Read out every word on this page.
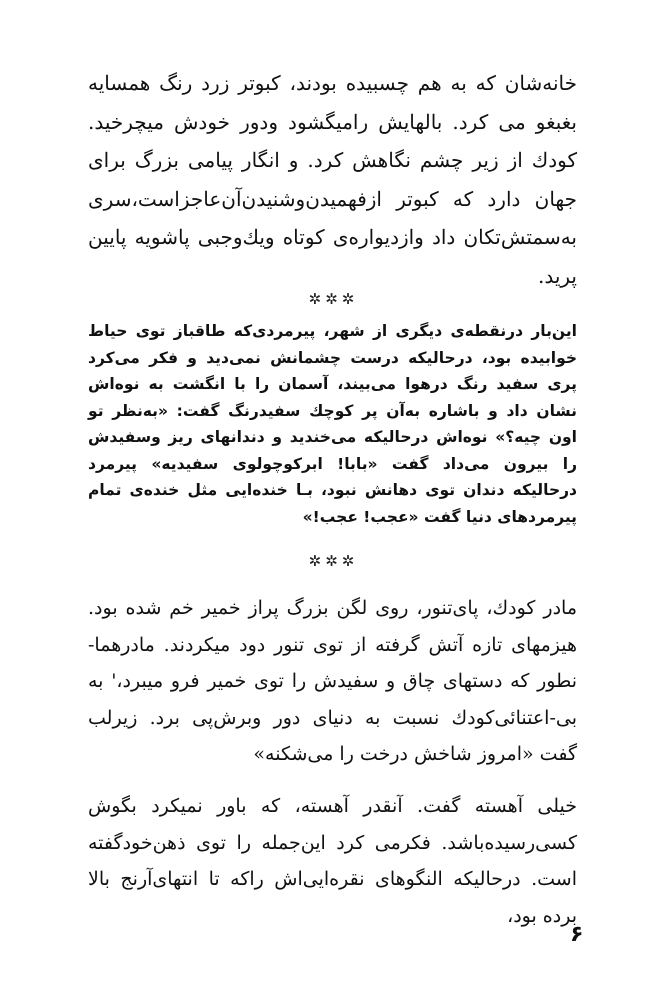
خانه‌شان که به هم چسبیده بودند، کبوتر زرد رنگ همسایه بغبغو می کرد. بالهایش رامیگشود ودور خودش میچرخید. کودك از زیر چشم نگاهش کرد. و انگار پیامی بزرگ برای جهان دارد که کبوتر ازفهمیدن‌وشنیدن‌آن‌عاجز‌است،سری به‌سمتش‌تکان داد وازدیواره‌ی کوتاه ویك‌وجبی پاشویه پایین پرید.
✲✲✲
این‌بار درنقطه‌ی دیگری از شهر، پیرمردی‌که طاقباز توی حیاط خوابیده بود، درحالیکه درست چشمانش نمی‌دید و فکر می‌کرد پری سفید رنگ درهوا می‌بیند، آسمان را با انگشت به نوه‌اش نشان داد و باشاره به‌آن پر کوچك سفیدرنگ گفت: «به‌نظر تو اون چیه؟» نوه‌اش درحالیکه می‌خندید و دندانهای ریز وسفیدش را بیرون می‌داد گفت «بابا! ابرکوچولوی سفیدیه» پیرمرد درحالیکه دندان توی دهانش نبود، بـا خنده‌ایی مثل خنده‌ی تمام پیرمردهای دنیا گفت «عجب! عجب!»
✲✲✲
مادر کودك، پای‌تنور، روی لگن بزرگ پراز خمیر خم شده بود. هیزمهای تازه آتش گرفته از توی تنور دود میکردند. مادرهما‌-نطور که دستهای چاق و سفیدش را توی خمیر فرو میبرد،' به بی‌-اعتنائی‌کودك نسبت به دنیای دور وبرش‌پی برد. زیرلب گفت «امروز شاخش درخت را می‌شکنه»
خیلی آهسته گفت. آنقدر آهسته، که باور نمیکرد بگوش کسی‌رسیده‌باشد. فکرمی کرد این‌جمله را توی ذهن‌خود‌گفته است. درحالیکه النگوهای نقره‌ایی‌اش راکه تا انتهای‌آرنج بالا برده بود،
۶
